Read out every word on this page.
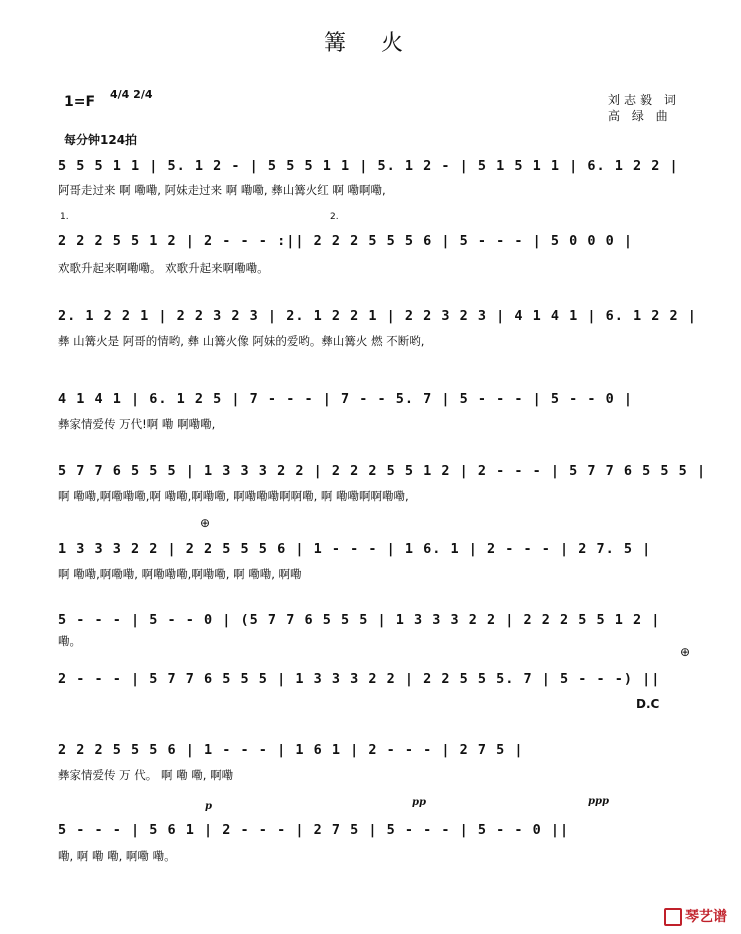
篝 火
1=F 4/4 2/4	刘志毅 词
高 绿 曲
每分钟124拍
5 5 5 1 1 | 5. 1 2 - | 5 5 5 1 1 | 5. 1 2 - | 5 1 5 1 1 | 6. 1 2 2 |
阿哥走过来 啊 嘞嘞, 阿妹走过来 啊 嘞嘞, 彝山篝火红 啊 嘞啊嘞,
1.	2.
2 2 2 5 5 1 2 | 2 - - - :|| 2 2 2 5 5 5 6 | 5 - - - | 5 0 0 0 |
欢歌升起来啊嘞嘞。 欢歌升起来啊嘞嘞。
2. 1 2 2 1 | 2 2 3 2 3 | 2. 1 2 2 1 | 2 2 3 2 3 | 4 1 4 1 | 6. 1 2 2 |
彝 山篝火是 阿哥的情哟, 彝 山篝火像 阿妹的爱哟。彝山篝火 燃 不断哟,
4 1 4 1 | 6. 1 2 5 | 7 - - - | 7 - - 5. 7 | 5 - - - | 5 - - 0 |
彝家情爱传 万代!啊 嘞 啊嘞嘞,
5 7 7 6 5 5 5 | 1 3 3 3 2 2 | 2 2 2 5 5 1 2 | 2 - - - | 5 7 7 6 5 5 5 |
啊 嘞嘞,啊嘞嘞嘞,啊 嘞嘞,啊嘞嘞, 啊嘞嘞嘞啊啊嘞, 啊 嘞嘞啊啊嘞嘞,
⊕
1 3 3 3 2 2 | 2 2 5 5 5 6 | 1 - - - | 1 6. 1 | 2 - - - | 2 7. 5 |
啊 嘞嘞,啊嘞嘞, 啊嘞嘞嘞,啊嘞嘞, 啊 嘞嘞, 啊嘞
5 - - - | 5 - - 0 | (5 7 7 6 5 5 5 | 1 3 3 3 2 2 | 2 2 2 5 5 1 2 |
嘞。
2 - - - | 5 7 7 6 5 5 5 | 1 3 3 3 2 2 | 2 2 5 5 5. 7 | 5 - - -) ||
⊕
D.C
2 2 2 5 5 5 6 | 1 - - - | 1 6 1 | 2 - - - | 2 7 5 |
彝家情爱传 万 代。 啊 嘞 嘞, 啊嘞
p	pp	ppp
5 - - - | 5 6 1 | 2 - - - | 2 7 5 | 5 - - - | 5 - - 0 ||
嘞, 啊 嘞 嘞, 啊嘞 嘞。
琴艺谱
